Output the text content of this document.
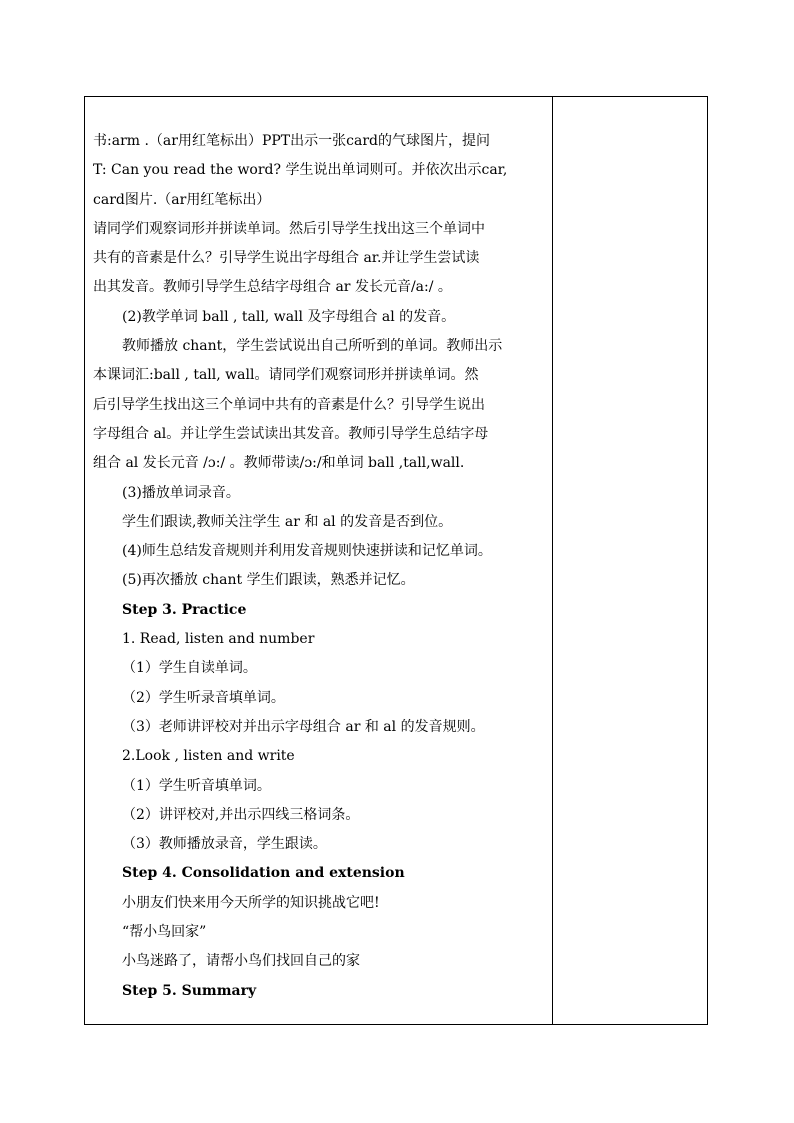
书:arm .（ar用红笔标出）PPT出示一张card的气球图片，提问
T: Can you read the word? 学生说出单词则可。并依次出示car,
card图片.（ar用红笔标出）
请同学们观察词形并拼读单词。然后引导学生找出这三个单词中
共有的音素是什么？引导学生说出字母组合 ar.并让学生尝试读
出其发音。教师引导学生总结字母组合 ar 发长元音/a:/ 。
(2)教学单词 ball , tall, wall 及字母组合 al 的发音。
教师播放 chant，学生尝试说出自己所听到的单词。教师出示
本课词汇:ball , tall, wall。请同学们观察词形并拼读单词。然
后引导学生找出这三个单词中共有的音素是什么？引导学生说出
字母组合 al。并让学生尝试读出其发音。教师引导学生总结字母
组合 al 发长元音 /ɔ:/ 。教师带读/ɔ:/和单词 ball ,tall,wall.
(3)播放单词录音。
学生们跟读,教师关注学生 ar 和 al 的发音是否到位。
(4)师生总结发音规则并利用发音规则快速拼读和记忆单词。
(5)再次播放 chant 学生们跟读，熟悉并记忆。
Step 3. Practice
1. Read, listen and number
（1）学生自读单词。
（2）学生听录音填单词。
（3）老师讲评校对并出示字母组合 ar 和 al 的发音规则。
2.Look , listen and write
（1）学生听音填单词。
（2）讲评校对,并出示四线三格词条。
（3）教师播放录音，学生跟读。
Step 4. Consolidation and extension
小朋友们快来用今天所学的知识挑战它吧!
“帮小鸟回家”
小鸟迷路了，请帮小鸟们找回自己的家
Step 5. Summary
